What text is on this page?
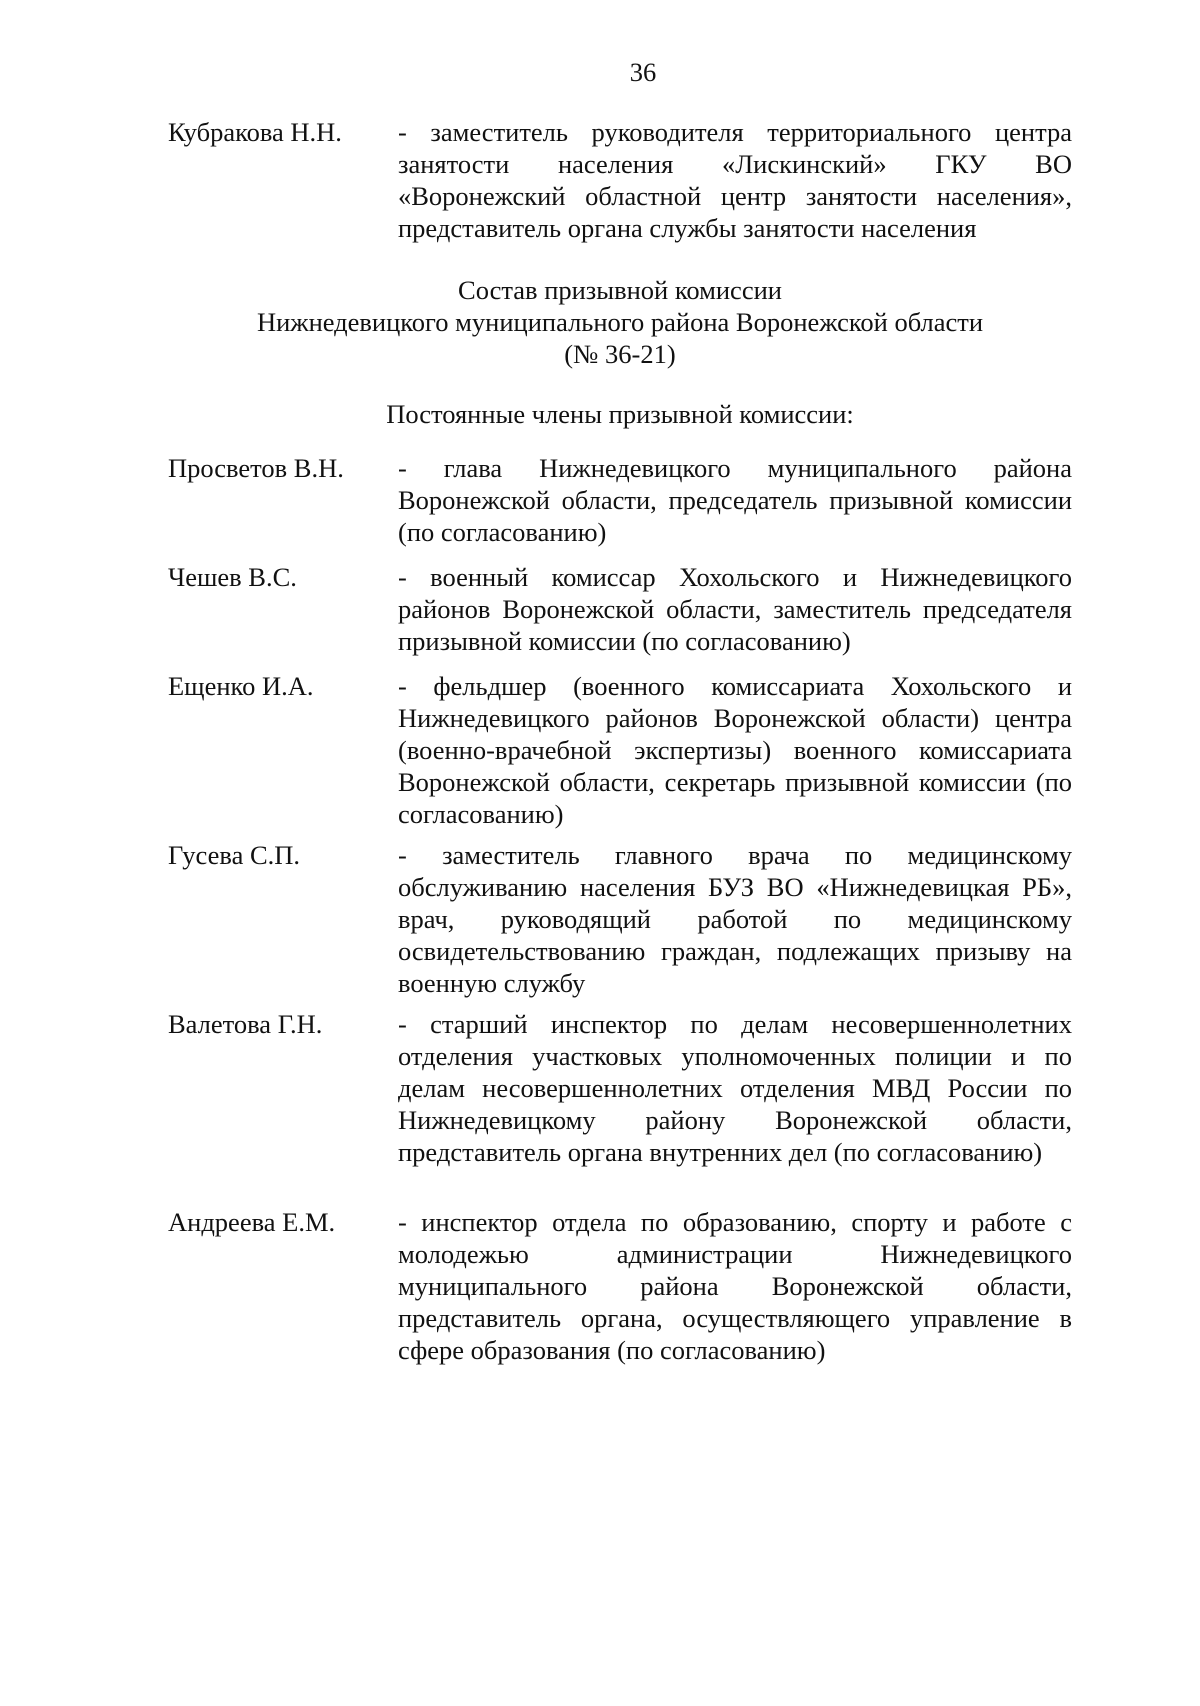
36
Кубракова Н.Н. - заместитель руководителя территориального центра занятости населения «Лискинский» ГКУ ВО «Воронежский областной центр занятости населения», представитель органа службы занятости населения
Состав призывной комиссии
Нижнедевицкого муниципального района Воронежской области
(№ 36-21)
Постоянные члены призывной комиссии:
Просветов В.Н. - глава Нижнедевицкого муниципального района Воронежской области, председатель призывной комиссии (по согласованию)
Чешев В.С.	- военный комиссар Хохольского и Нижнедевицкого районов Воронежской области, заместитель председателя призывной комиссии (по согласованию)
Ещенко И.А.	- фельдшер (военного комиссариата Хохольского и Нижнедевицкого районов Воронежской области) центра (военно-врачебной экспертизы) военного комиссариата Воронежской области, секретарь призывной комиссии (по согласованию)
Гусева С.П.	- заместитель главного врача по медицинскому обслуживанию населения БУЗ ВО «Нижнедевицкая РБ», врач, руководящий работой по медицинскому освидетельствованию граждан, подлежащих призыву на военную службу
Валетова Г.Н.	- старший инспектор по делам несовершеннолетних отделения участковых уполномоченных полиции и по делам несовершеннолетних отделения МВД России по Нижнедевицкому району Воронежской области, представитель органа внутренних дел (по согласованию)
Андреева Е.М. - инспектор отдела по образованию, спорту и работе с молодежью администрации Нижнедевицкого муниципального района Воронежской области, представитель органа, осуществляющего управление в сфере образования (по согласованию)
